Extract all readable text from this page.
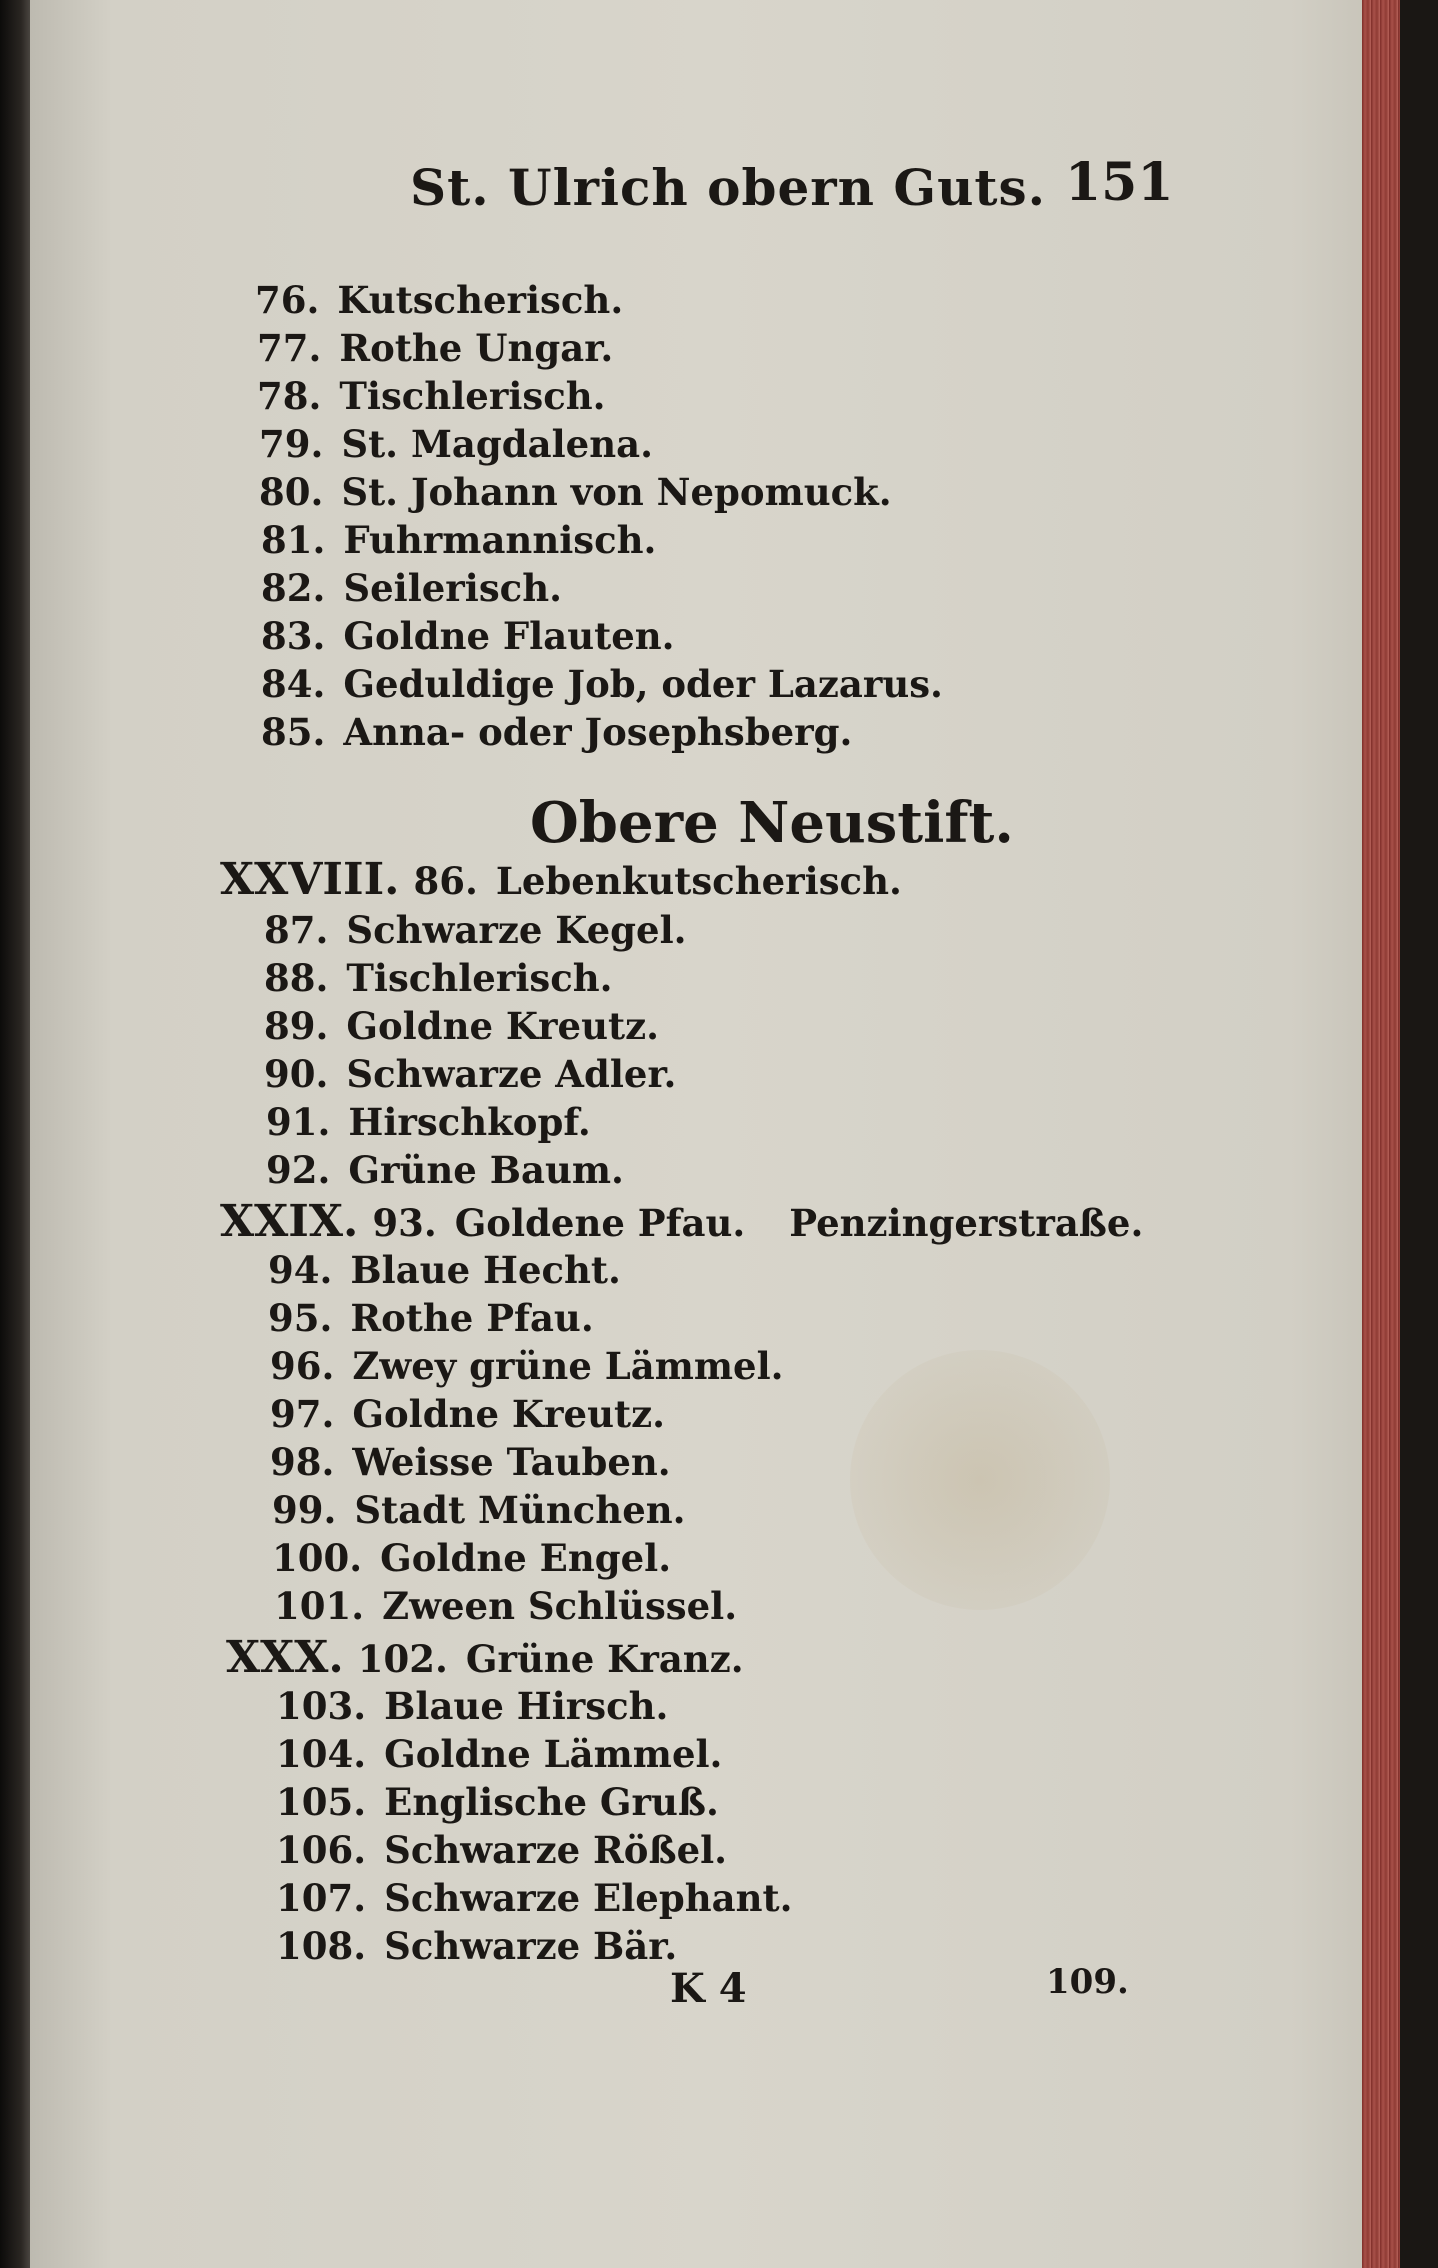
St. Ulrich obern Guts. 151
76. Kutscherisch.
77. Rothe Ungar.
78. Tischlerisch.
79. St. Magdalena.
80. St. Johann von Nepomuck.
81. Fuhrmannisch.
82. Seilerisch.
83. Goldne Flauten.
84. Geduldige Job, oder Lazarus.
85. Anna- oder Josephsberg.
Obere Neustift.
XXVIII. 86. Lebenkutscherisch.
87. Schwarze Kegel.
88. Tischlerisch.
89. Goldne Kreutz.
90. Schwarze Adler.
91. Hirschkopf.
92. Grüne Baum.
XXIX. 93. Goldene Pfau. Penzingerstraße.
94. Blaue Hecht.
95. Rothe Pfau.
96. Zwey grüne Lämmel.
97. Goldne Kreutz.
98. Weisse Tauben.
99. Stadt München.
100. Goldne Engel.
101. Zween Schlüssel.
XXX. 102. Grüne Kranz.
103. Blaue Hirsch.
104. Goldne Lämmel.
105. Englische Gruß.
106. Schwarze Rößel.
107. Schwarze Elephant.
108. Schwarze Bär.
K 4	109.
